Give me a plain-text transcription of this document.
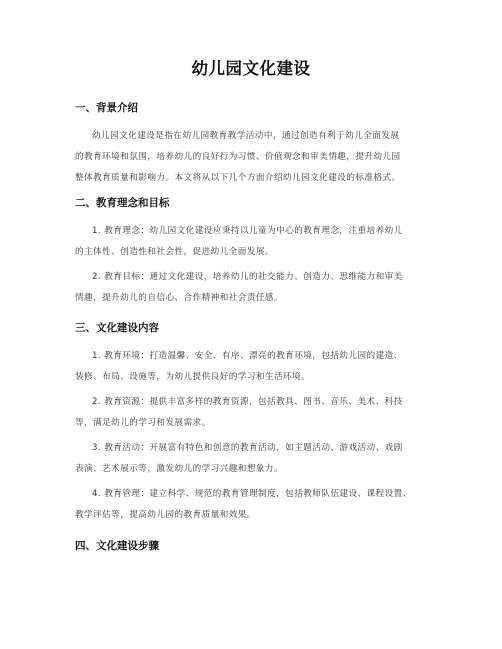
幼儿园文化建设
一、背景介绍

幼儿园文化建设是指在幼儿园教育教学活动中，通过创造有利于幼儿全面发展
的教育环境和氛围，培养幼儿的良好行为习惯、价值观念和审美情趣，提升幼儿园
整体教育质量和影响力。本文将从以下几个方面介绍幼儿园文化建设的标准格式。

二、教育理念和目标

1. 教育理念：幼儿园文化建设应秉持以儿童为中心的教育理念，注重培养幼儿
的主体性、创造性和社会性，促进幼儿全面发展。

2. 教育目标：通过文化建设，培养幼儿的社交能力、创造力、思维能力和审美
情趣，提升幼儿的自信心、合作精神和社会责任感。

三、文化建设内容

1. 教育环境：打造温馨、安全、有序、漂亮的教育环境，包括幼儿园的建造、
装修、布局、设施等，为幼儿提供良好的学习和生活环境。

2. 教育资源：提供丰富多样的教育资源，包括教具、图书、音乐、美术、科技
等，满足幼儿的学习和发展需求。

3. 教育活动：开展富有特色和创意的教育活动，如主题活动、游戏活动、戏剧
表演、艺术展示等，激发幼儿的学习兴趣和想象力。

4. 教育管理：建立科学、规范的教育管理制度，包括教师队伍建设、课程设置、
教学评估等，提高幼儿园的教育质量和效果。

四、文化建设步骤
